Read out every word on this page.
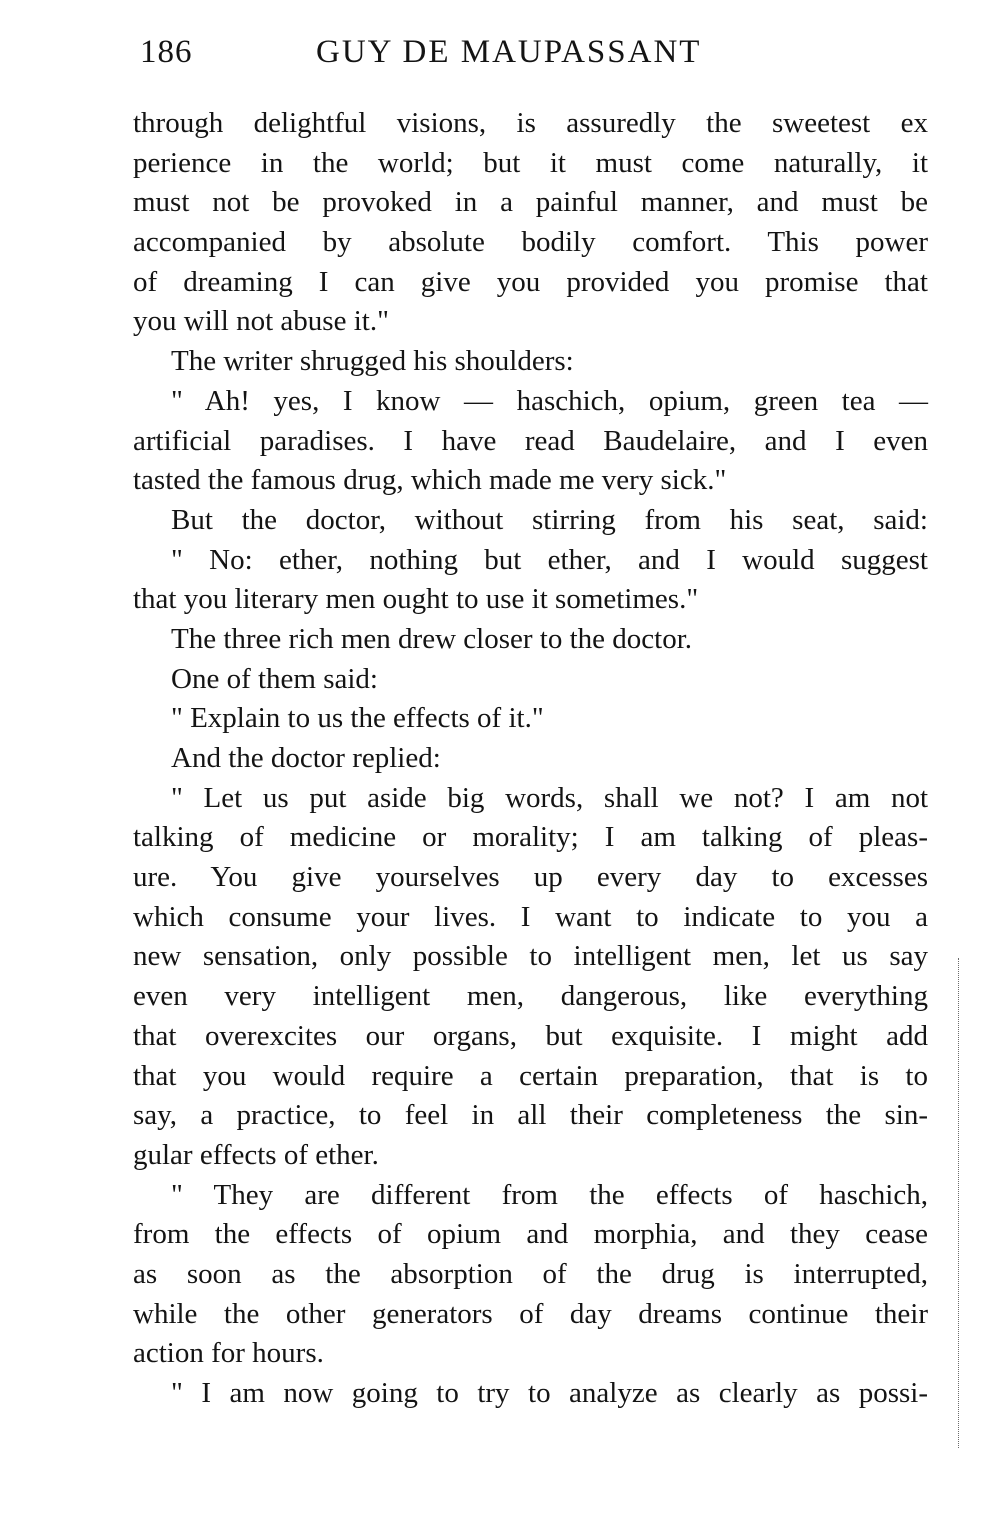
186	GUY DE MAUPASSANT
through delightful visions, is assuredly the sweetest ex
perience in the world; but it must come naturally, it
must not be provoked in a painful manner, and must be
accompanied by absolute bodily comfort. This power
of dreaming I can give you provided you promise that
you will not abuse it."
The writer shrugged his shoulders:
" Ah! yes, I know — haschich, opium, green tea —
artificial paradises. I have read Baudelaire, and I even
tasted the famous drug, which made me very sick."
But the doctor, without stirring from his seat, said:
" No: ether, nothing but ether, and I would suggest
that you literary men ought to use it sometimes."
The three rich men drew closer to the doctor.
One of them said:
" Explain to us the effects of it."
And the doctor replied:
" Let us put aside big words, shall we not? I am not
talking of medicine or morality; I am talking of pleas-
ure. You give yourselves up every day to excesses
which consume your lives. I want to indicate to you a
new sensation, only possible to intelligent men, let us say
even very intelligent men, dangerous, like everything
that overexcites our organs, but exquisite. I might add
that you would require a certain preparation, that is to
say, a practice, to feel in all their completeness the sin-
gular effects of ether.
" They are different from the effects of haschich,
from the effects of opium and morphia, and they cease
as soon as the absorption of the drug is interrupted,
while the other generators of day dreams continue their
action for hours.
" I am now going to try to analyze as clearly as possi-
